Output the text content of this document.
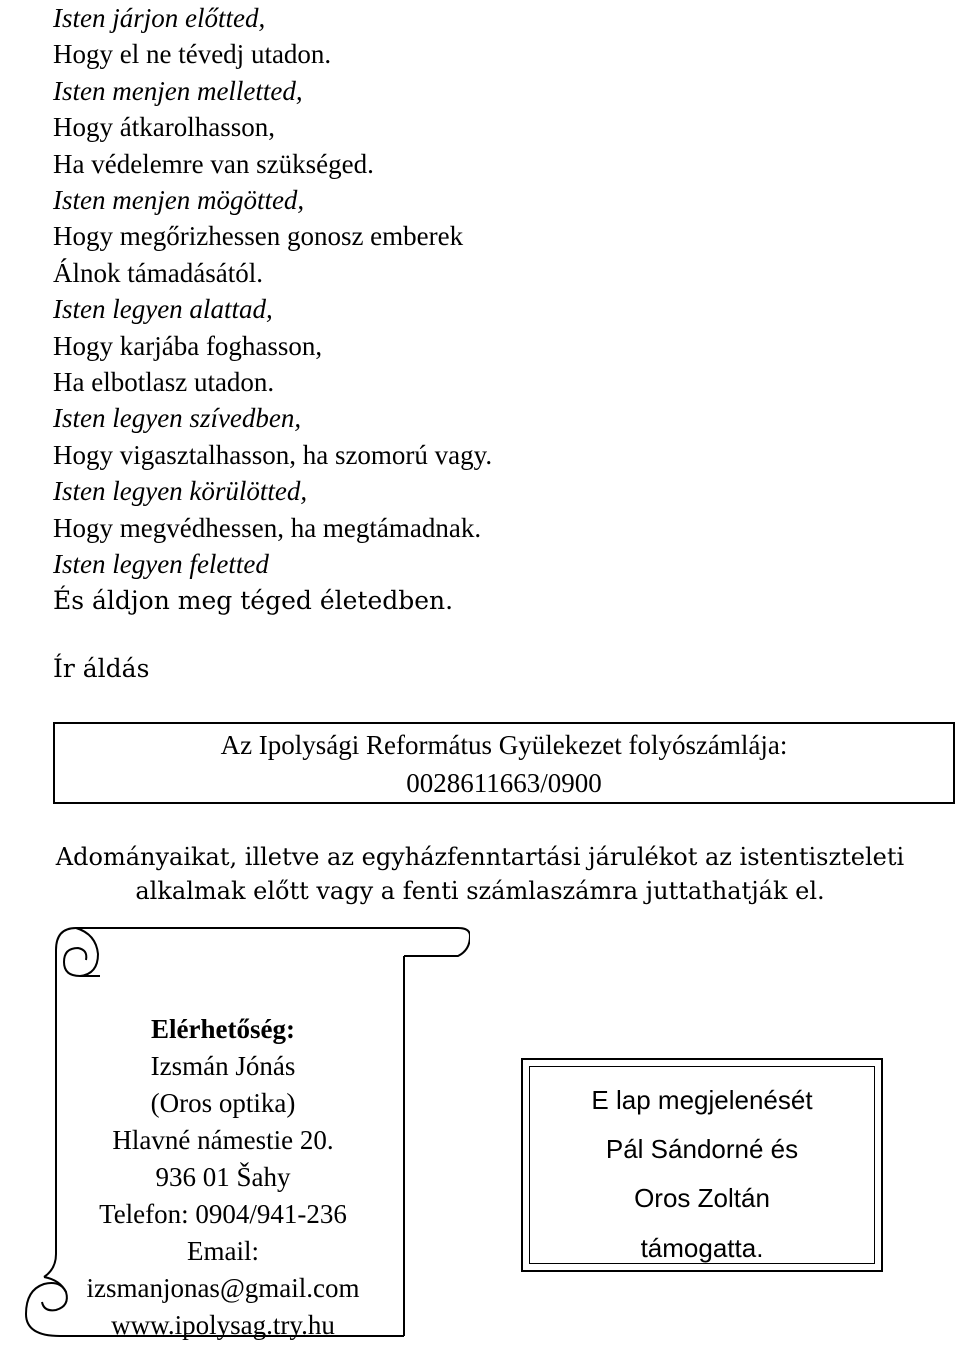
Isten járjon előtted,
Hogy el ne tévedj utadon.
Isten menjen melletted,
Hogy átkarolhasson,
Ha védelemre van szükséged.
Isten menjen mögötted,
Hogy megőrizhessen gonosz emberek
Álnok támadásától.
Isten legyen alattad,
Hogy karjába foghasson,
Ha elbotlasz utadon.
Isten legyen szívedben,
Hogy vigasztalhasson, ha szomorú vagy.
Isten legyen körülötted,
Hogy megvédhessen, ha megtámadnak.
Isten legyen feletted
És áldjon meg téged életedben.
Ír áldás
Az Ipolysági Református Gyülekezet folyószámlája:
0028611663/0900
Adományaikat, illetve az egyházfenntartási járulékot az istentiszteleti
alkalmak előtt vagy a fenti számlaszámra juttathatják el.
Elérhetőség:
Izsmán Jónás
(Oros optika)
Hlavné námestie 20.
936 01 Šahy
Telefon: 0904/941-236
Email:
izsmanjonas@gmail.com
www.ipolysag.try.hu
E lap megjelenését
Pál Sándorné és
Oros Zoltán
támogatta.
